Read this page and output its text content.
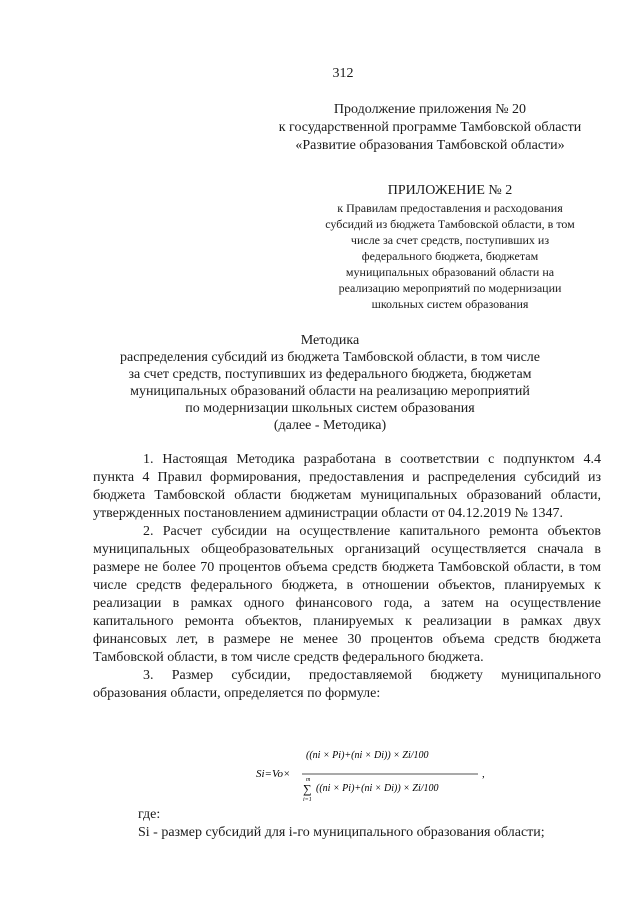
312
Продолжение приложения № 20
к государственной программе Тамбовской области
«Развитие образования Тамбовской области»
ПРИЛОЖЕНИЕ № 2
к Правилам предоставления и расходования
субсидий из бюджета Тамбовской области, в том
числе за счет средств, поступивших из
федерального бюджета, бюджетам
муниципальных образований области на
реализацию мероприятий по модернизации
школьных систем образования
Методика
распределения субсидий из бюджета Тамбовской области, в том числе
за счет средств, поступивших из федерального бюджета, бюджетам
муниципальных образований области на реализацию мероприятий
по модернизации школьных систем образования
(далее - Методика)

1. Настоящая Методика разработана в соответствии с подпунктом 4.4 пункта 4 Правил формирования, предоставления и распределения субсидий из бюджета Тамбовской области бюджетам муниципальных образований области, утвержденных постановлением администрации области от 04.12.2019 № 1347.

2. Расчет субсидии на осуществление капитального ремонта объектов муниципальных общеобразовательных организаций осуществляется сначала в размере не более 70 процентов объема средств бюджета Тамбовской области, в том числе средств федерального бюджета, в отношении объектов, планируемых к реализации в рамках одного финансового года, а затем на осуществление капитального ремонта объектов, планируемых к реализации в рамках двух финансовых лет, в размере не менее 30 процентов объема средств бюджета Тамбовской области, в том числе средств федерального бюджета.

3. Размер субсидии, предоставляемой бюджету муниципального образования области, определяется по формуле:

Si=Vo×
((ni × Pi)+(ni × Di)) × Zi/100
m
∑
i=1
((ni × Pi)+(ni × Di)) × Zi/100
,
где:
Si - размер субсидий для i-го муниципального образования области;
